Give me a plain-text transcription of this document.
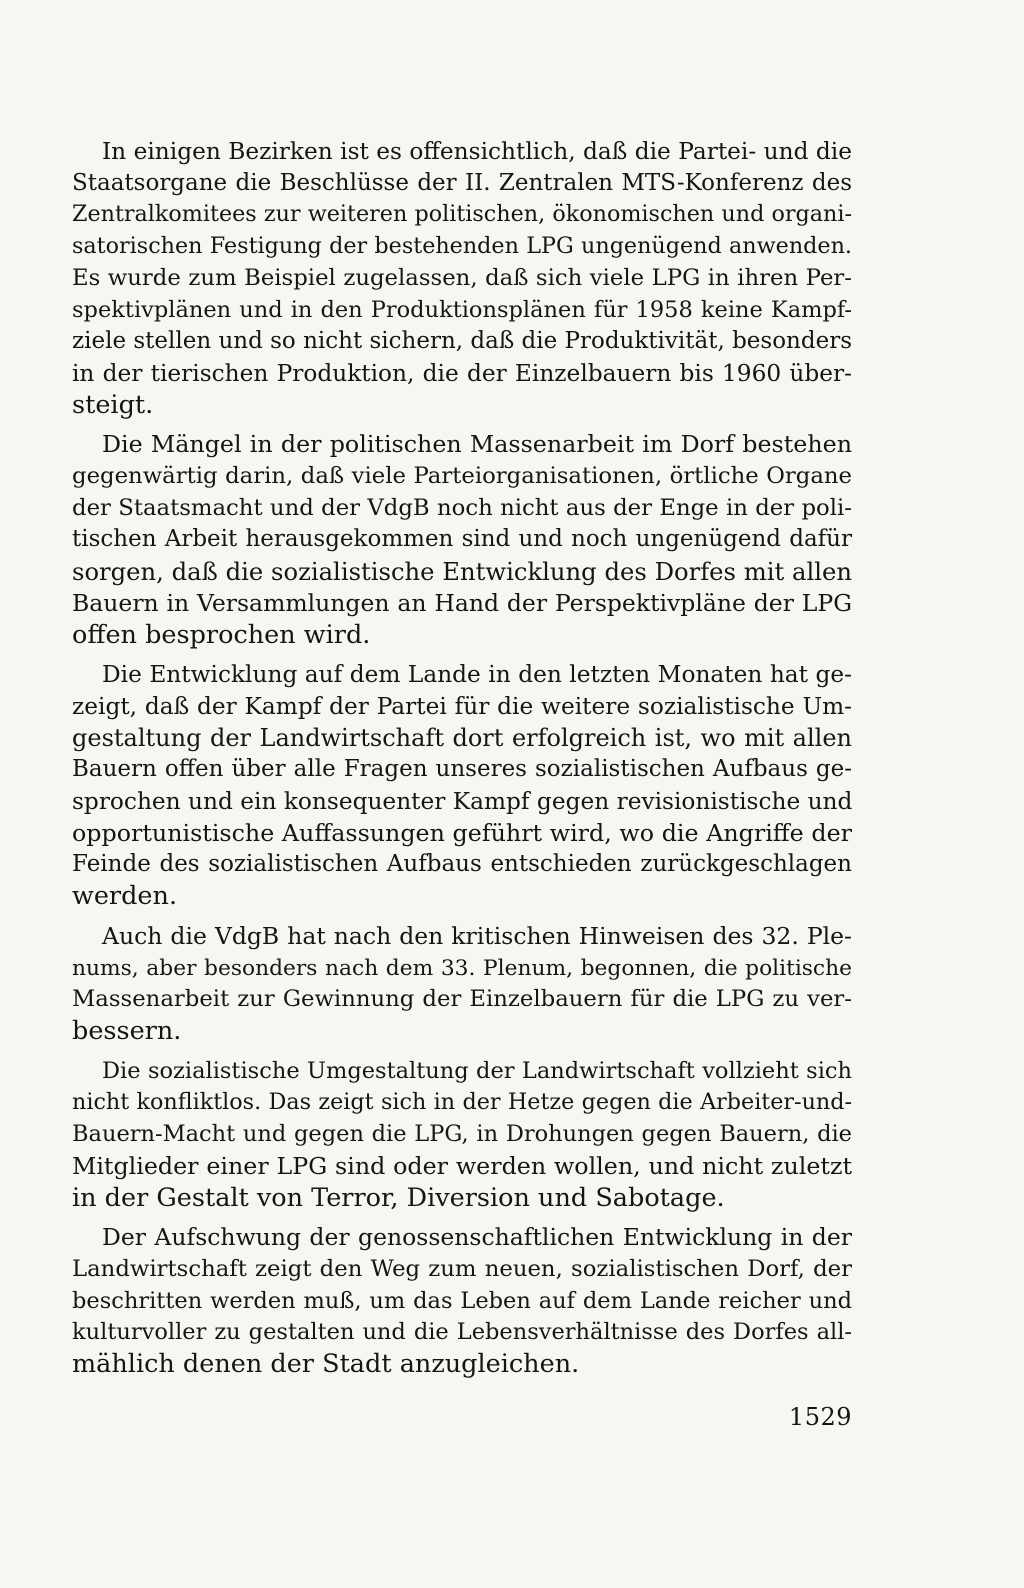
In einigen Bezirken ist es offensichtlich, daß die Partei- und die
Staatsorgane die Beschlüsse der II. Zentralen MTS-Konferenz des
Zentralkomitees zur weiteren politischen, ökonomischen und organi-
satorischen Festigung der bestehenden LPG ungenügend anwenden.
Es wurde zum Beispiel zugelassen, daß sich viele LPG in ihren Per-
spektivplänen und in den Produktionsplänen für 1958 keine Kampf-
ziele stellen und so nicht sichern, daß die Produktivität, besonders
in der tierischen Produktion, die der Einzelbauern bis 1960 über-
steigt.

Die Mängel in der politischen Massenarbeit im Dorf bestehen
gegenwärtig darin, daß viele Parteiorganisationen, örtliche Organe
der Staatsmacht und der VdgB noch nicht aus der Enge in der poli-
tischen Arbeit herausgekommen sind und noch ungenügend dafür
sorgen, daß die sozialistische Entwicklung des Dorfes mit allen
Bauern in Versammlungen an Hand der Perspektivpläne der LPG
offen besprochen wird.

Die Entwicklung auf dem Lande in den letzten Monaten hat ge-
zeigt, daß der Kampf der Partei für die weitere sozialistische Um-
gestaltung der Landwirtschaft dort erfolgreich ist, wo mit allen
Bauern offen über alle Fragen unseres sozialistischen Aufbaus ge-
sprochen und ein konsequenter Kampf gegen revisionistische und
opportunistische Auffassungen geführt wird, wo die Angriffe der
Feinde des sozialistischen Aufbaus entschieden zurückgeschlagen
werden.

Auch die VdgB hat nach den kritischen Hinweisen des 32. Ple-
nums, aber besonders nach dem 33. Plenum, begonnen, die politische
Massenarbeit zur Gewinnung der Einzelbauern für die LPG zu ver-
bessern.

Die sozialistische Umgestaltung der Landwirtschaft vollzieht sich
nicht konfliktlos. Das zeigt sich in der Hetze gegen die Arbeiter-und-
Bauern-Macht und gegen die LPG, in Drohungen gegen Bauern, die
Mitglieder einer LPG sind oder werden wollen, und nicht zuletzt
in der Gestalt von Terror, Diversion und Sabotage.

Der Aufschwung der genossenschaftlichen Entwicklung in der
Landwirtschaft zeigt den Weg zum neuen, sozialistischen Dorf, der
beschritten werden muß, um das Leben auf dem Lande reicher und
kulturvoller zu gestalten und die Lebensverhältnisse des Dorfes all-
mählich denen der Stadt anzugleichen.

1529
